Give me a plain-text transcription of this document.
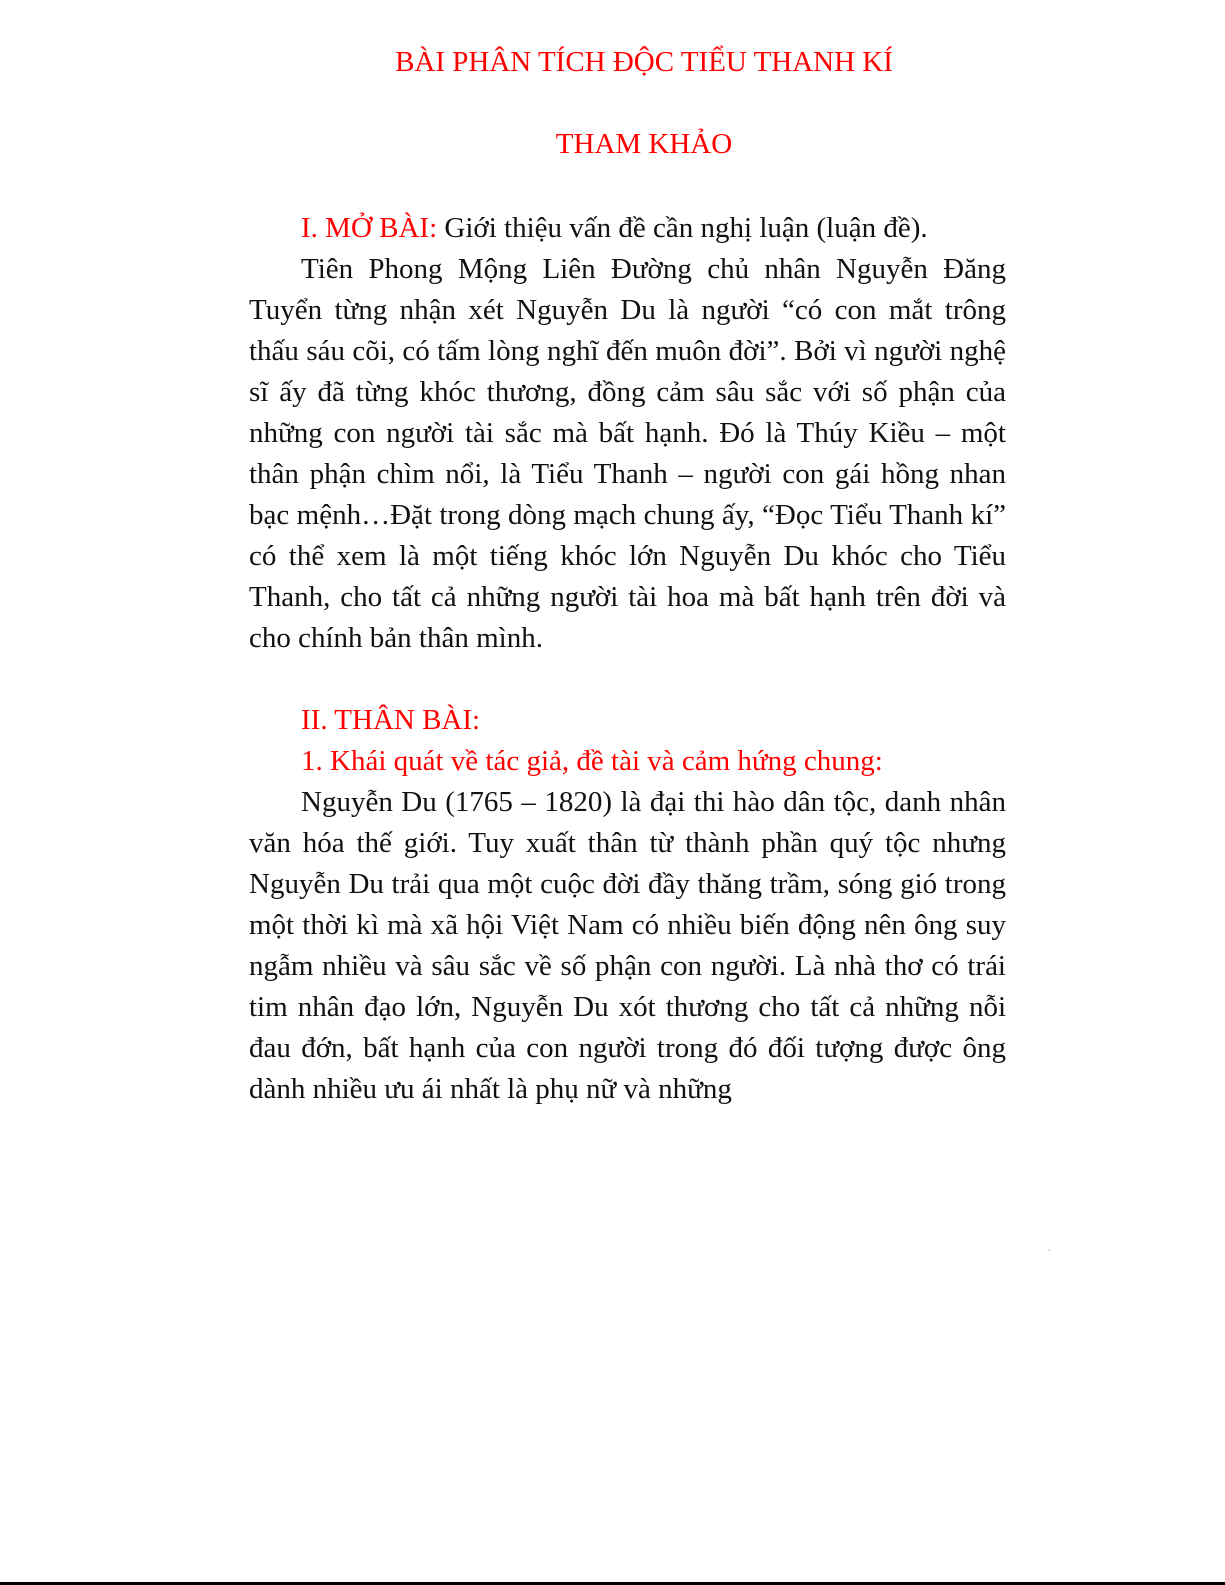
BÀI PHÂN TÍCH ĐỘC TIỂU THANH KÍ
THAM KHẢO

I. MỞ BÀI: Giới thiệu vấn đề cần nghị luận (luận đề).

Tiên Phong Mộng Liên Đường chủ nhân Nguyễn Đăng Tuyển từng nhận xét Nguyễn Du là người “có con mắt trông thấu sáu cõi, có tấm lòng nghĩ đến muôn đời”. Bởi vì người nghệ sĩ ấy đã từng khóc thương, đồng cảm sâu sắc với số phận của những con người tài sắc mà bất hạnh. Đó là Thúy Kiều – một thân phận chìm nổi, là Tiểu Thanh – người con gái hồng nhan bạc mệnh…Đặt trong dòng mạch chung ấy, “Đọc Tiểu Thanh kí” có thể xem là một tiếng khóc lớn Nguyễn Du khóc cho Tiểu Thanh, cho tất cả những người tài hoa mà bất hạnh trên đời và cho chính bản thân mình.

II. THÂN BÀI:

1. Khái quát về tác giả, đề tài và cảm hứng chung:

Nguyễn Du (1765 – 1820) là đại thi hào dân tộc, danh nhân văn hóa thế giới. Tuy xuất thân từ thành phần quý tộc nhưng Nguyễn Du trải qua một cuộc đời đầy thăng trầm, sóng gió trong một thời kì mà xã hội Việt Nam có nhiều biến động nên ông suy ngẫm nhiều và sâu sắc về số phận con người. Là nhà thơ có trái tim nhân đạo lớn, Nguyễn Du xót thương cho tất cả những nỗi đau đớn, bất hạnh của con người trong đó đối tượng được ông dành nhiều ưu ái nhất là phụ nữ và những
